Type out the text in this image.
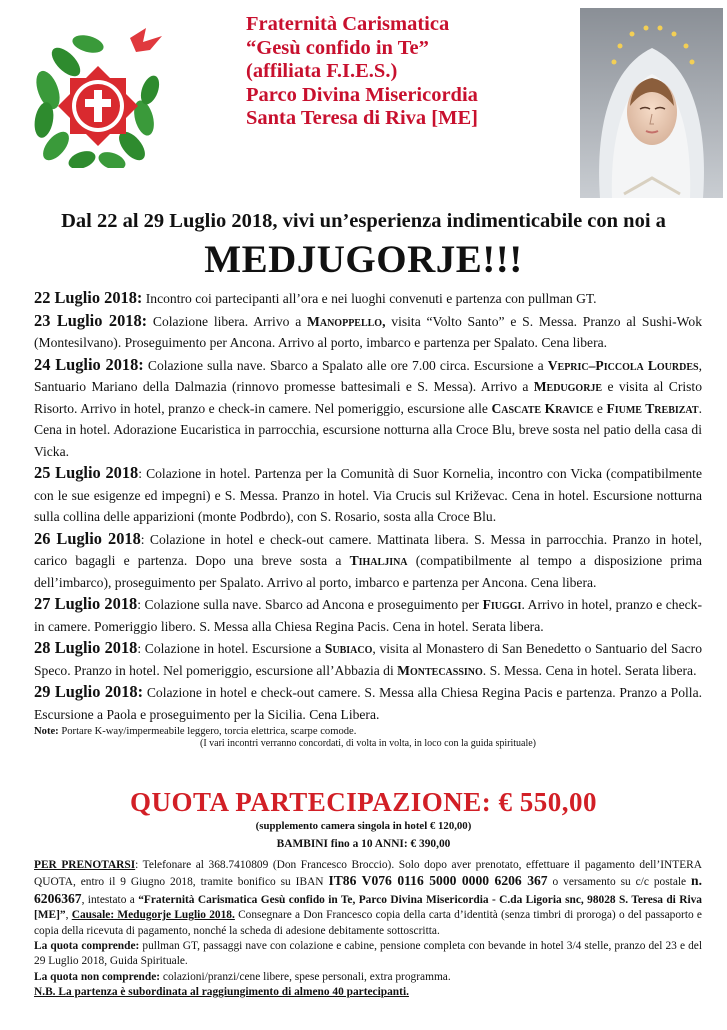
Fraternità Carismatica
“Gesù confido in Te”
(affiliata F.I.E.S.)
Parco Divina Misericordia
Santa Teresa di Riva [ME]
Dal 22 al 29 Luglio 2018, vivi un’esperienza indimenticabile con noi a
MEDJUGORJE!!!

22 Luglio 2018: Incontro coi partecipanti all’ora e nei luoghi convenuti e partenza con pullman GT.

23 Luglio 2018: Colazione libera. Arrivo a Manoppello, visita “Volto Santo” e S. Messa. Pranzo al Sushi-Wok (Montesilvano). Proseguimento per Ancona. Arrivo al porto, imbarco e partenza per Spalato. Cena libera.

24 Luglio 2018: Colazione sulla nave. Sbarco a Spalato alle ore 7.00 circa. Escursione a Vepric–Piccola Lourdes, Santuario Mariano della Dalmazia (rinnovo promesse battesimali e S. Messa). Arrivo a Medugorje e visita al Cristo Risorto. Arrivo in hotel, pranzo e check-in camere. Nel pomeriggio, escursione alle Cascate Kravice e Fiume Trebizat. Cena in hotel. Adorazione Eucaristica in parrocchia, escursione notturna alla Croce Blu, breve sosta nel patio della casa di Vicka.

25 Luglio 2018: Colazione in hotel. Partenza per la Comunità di Suor Kornelia, incontro con Vicka (compatibilmente con le sue esigenze ed impegni) e S. Messa. Pranzo in hotel. Via Crucis sul Križevac. Cena in hotel. Escursione notturna sulla collina delle apparizioni (monte Podbrdo), con S. Rosario, sosta alla Croce Blu.

26 Luglio 2018: Colazione in hotel e check-out camere. Mattinata libera. S. Messa in parrocchia. Pranzo in hotel, carico bagagli e partenza. Dopo una breve sosta a Tihaljina (compatibilmente al tempo a disposizione prima dell’imbarco), proseguimento per Spalato. Arrivo al porto, imbarco e partenza per Ancona. Cena libera.

27 Luglio 2018: Colazione sulla nave. Sbarco ad Ancona e proseguimento per Fiuggi. Arrivo in hotel, pranzo e check-in camere. Pomeriggio libero. S. Messa alla Chiesa Regina Pacis. Cena in hotel. Serata libera.

28 Luglio 2018: Colazione in hotel. Escursione a Subiaco, visita al Monastero di San Benedetto o Santuario del Sacro Speco. Pranzo in hotel. Nel pomeriggio, escursione all’Abbazia di Montecassino. S. Messa. Cena in hotel. Serata libera.

29 Luglio 2018: Colazione in hotel e check-out camere. S. Messa alla Chiesa Regina Pacis e partenza. Pranzo a Polla. Escursione a Paola e proseguimento per la Sicilia. Cena Libera.

Note: Portare K-way/impermeabile leggero, torcia elettrica, scarpe comode.
(I vari incontri verranno concordati, di volta in volta, in loco con la guida spirituale)
QUOTA PARTECIPAZIONE: € 550,00
(supplemento camera singola in hotel € 120,00)
BAMBINI fino a 10 ANNI: € 390,00

PER PRENOTARSI: Telefonare al 368.7410809 (Don Francesco Broccio). Solo dopo aver prenotato, effettuare il pagamento dell’INTERA QUOTA, entro il 9 Giugno 2018, tramite bonifico su IBAN IT86 V076 0116 5000 0000 6206 367 o versamento su c/c postale n. 6206367, intestato a “Fraternità Carismatica Gesù confido in Te, Parco Divina Misericordia - C.da Ligoria snc, 98028 S. Teresa di Riva [ME]”, Causale: Medugorje Luglio 2018. Consegnare a Don Francesco copia della carta d’identità (senza timbri di proroga) o del passaporto e copia della ricevuta di pagamento, nonché la scheda di adesione debitamente sottoscritta.

La quota comprende: pullman GT, passaggi nave con colazione e cabine, pensione completa con bevande in hotel 3/4 stelle, pranzo del 23 e del 29 Luglio 2018, Guida Spirituale.

La quota non comprende: colazioni/pranzi/cene libere, spese personali, extra programma.

N.B. La partenza è subordinata al raggiungimento di almeno 40 partecipanti.
